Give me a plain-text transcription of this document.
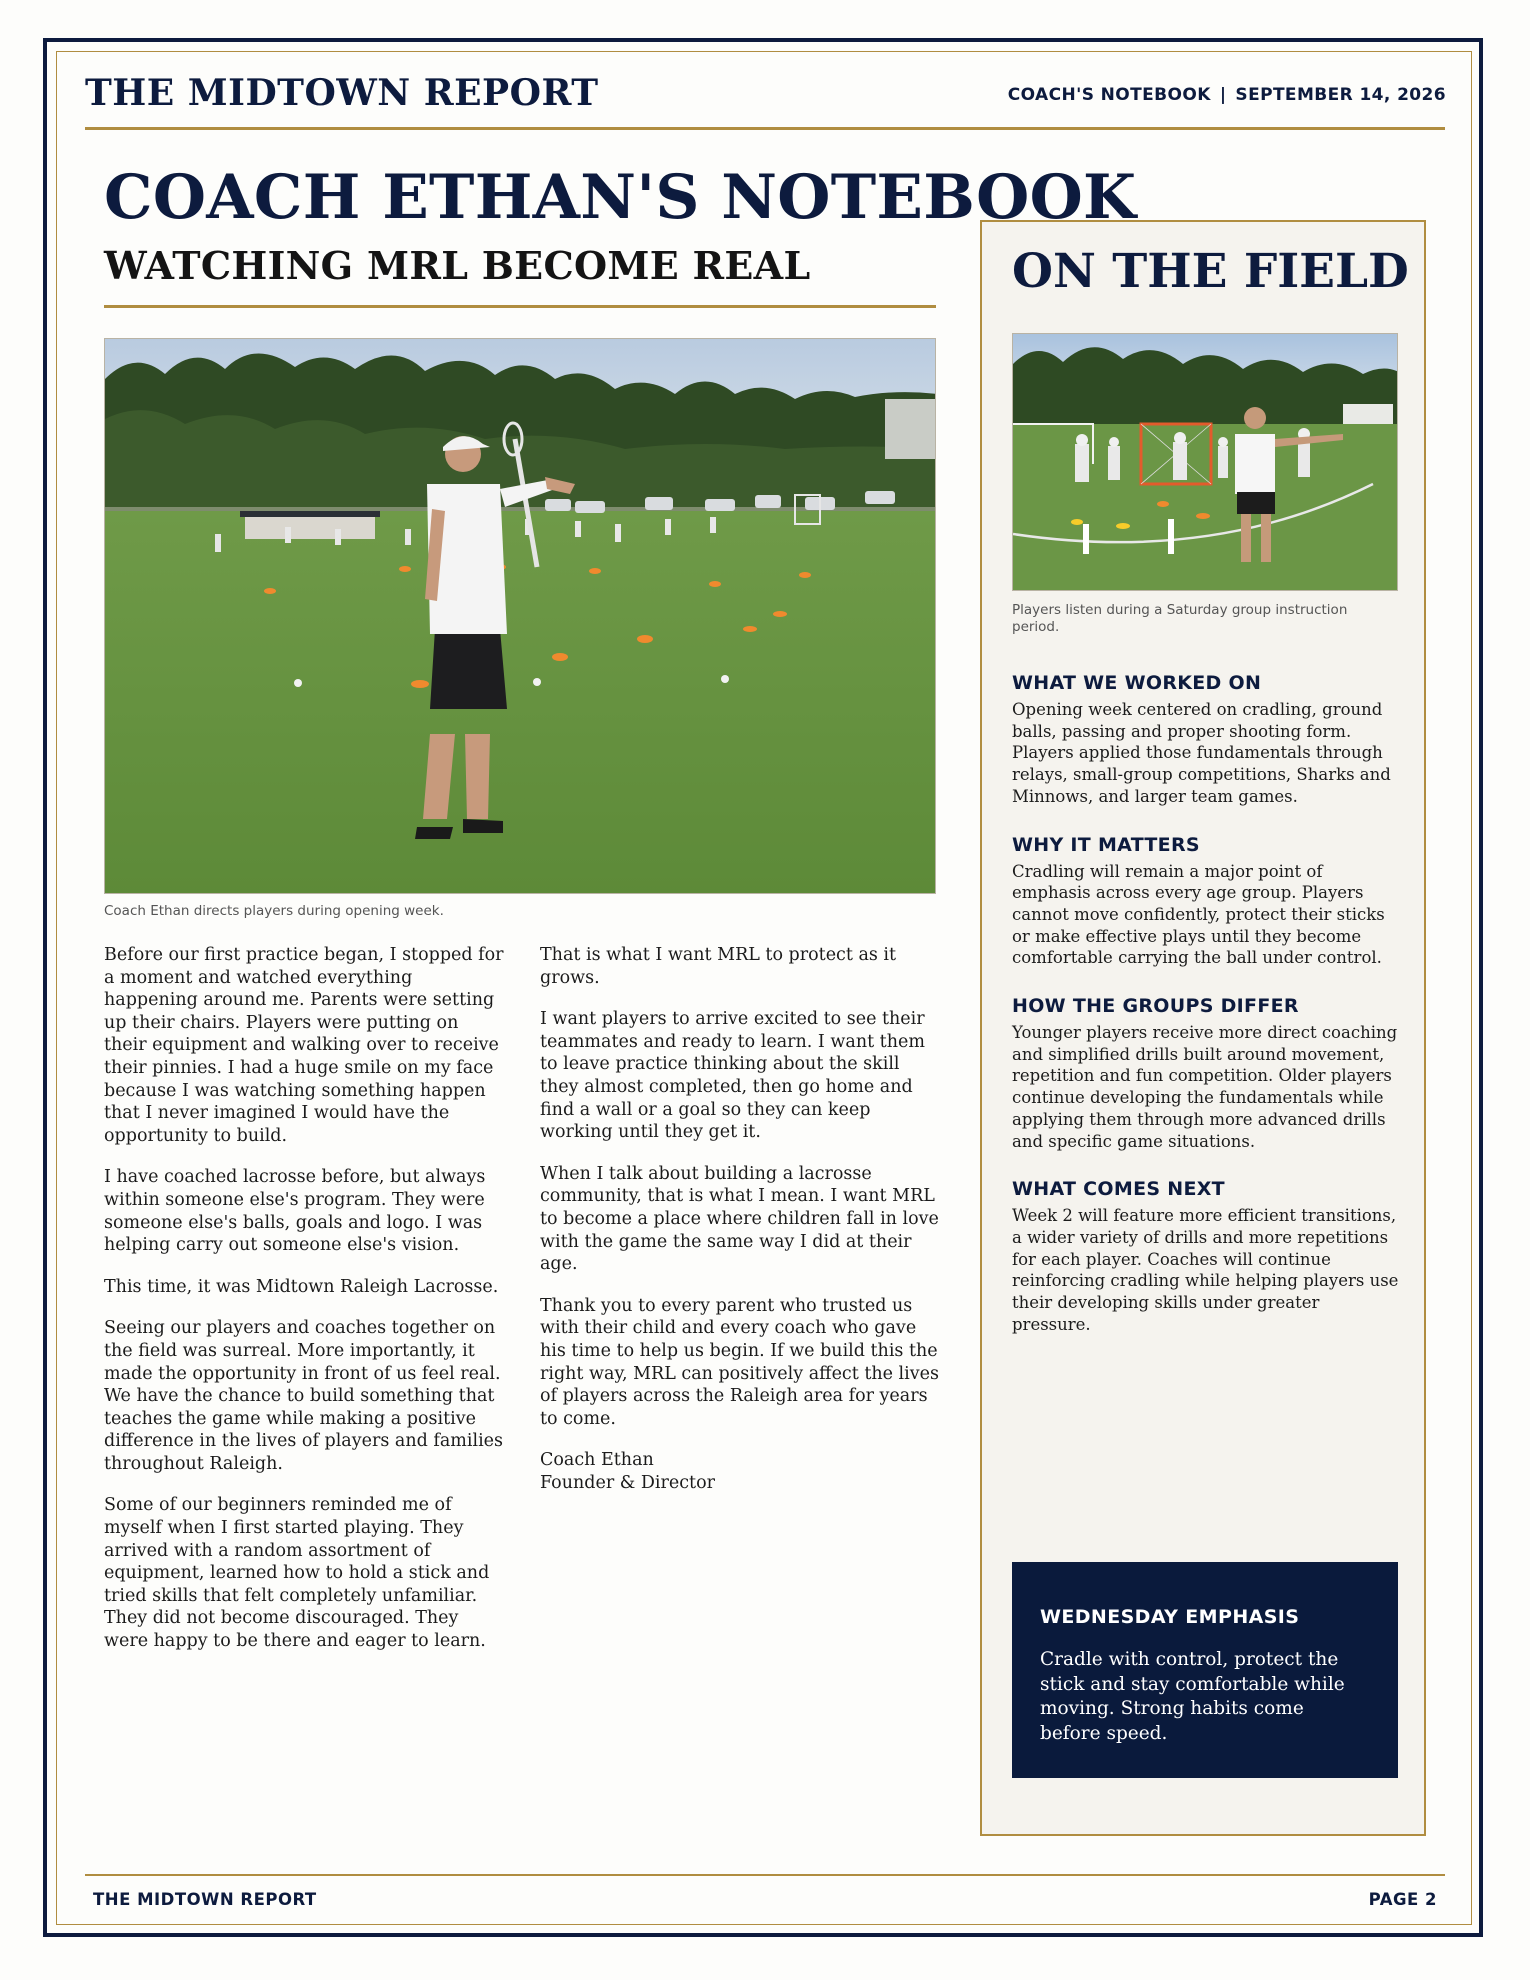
THE MIDTOWN REPORT	COACH'S NOTEBOOK | SEPTEMBER 14, 2026
COACH ETHAN'S NOTEBOOK
WATCHING MRL BECOME REAL
Coach Ethan directs players during opening week.

Before our first practice began, I stopped for a moment and watched everything happening around me. Parents were setting up their chairs. Players were putting on their equipment and walking over to receive their pinnies. I had a huge smile on my face because I was watching something happen that I never imagined I would have the opportunity to build.

I have coached lacrosse before, but always within someone else's program. They were someone else's balls, goals and logo. I was helping carry out someone else's vision.

This time, it was Midtown Raleigh Lacrosse.

Seeing our players and coaches together on the field was surreal. More importantly, it made the opportunity in front of us feel real. We have the chance to build something that teaches the game while making a positive difference in the lives of players and families throughout Raleigh.

Some of our beginners reminded me of myself when I first started playing. They arrived with a random assortment of equipment, learned how to hold a stick and tried skills that felt completely unfamiliar. They did not become discouraged. They were happy to be there and eager to learn.

That is what I want MRL to protect as it grows.

I want players to arrive excited to see their teammates and ready to learn. I want them to leave practice thinking about the skill they almost completed, then go home and find a wall or a goal so they can keep working until they get it.

When I talk about building a lacrosse community, that is what I mean. I want MRL to become a place where children fall in love with the game the same way I did at their age.

Thank you to every parent who trusted us with their child and every coach who gave his time to help us begin. If we build this the right way, MRL can positively affect the lives of players across the Raleigh area for years to come.

Coach Ethan
Founder & Director
ON THE FIELD
Players listen during a Saturday group instruction period.
WHAT WE WORKED ON

Opening week centered on cradling, ground balls, passing and proper shooting form. Players applied those fundamentals through relays, small-group competitions, Sharks and Minnows, and larger team games.

WHY IT MATTERS

Cradling will remain a major point of emphasis across every age group. Players cannot move confidently, protect their sticks or make effective plays until they become comfortable carrying the ball under control.

HOW THE GROUPS DIFFER

Younger players receive more direct coaching and simplified drills built around movement, repetition and fun competition. Older players continue developing the fundamentals while applying them through more advanced drills and specific game situations.

WHAT COMES NEXT

Week 2 will feature more efficient transitions, a wider variety of drills and more repetitions for each player. Coaches will continue reinforcing cradling while helping players use their developing skills under greater pressure.

WEDNESDAY EMPHASIS

Cradle with control, protect the stick and stay comfortable while moving. Strong habits come before speed.

THE MIDTOWN REPORT	PAGE 2
